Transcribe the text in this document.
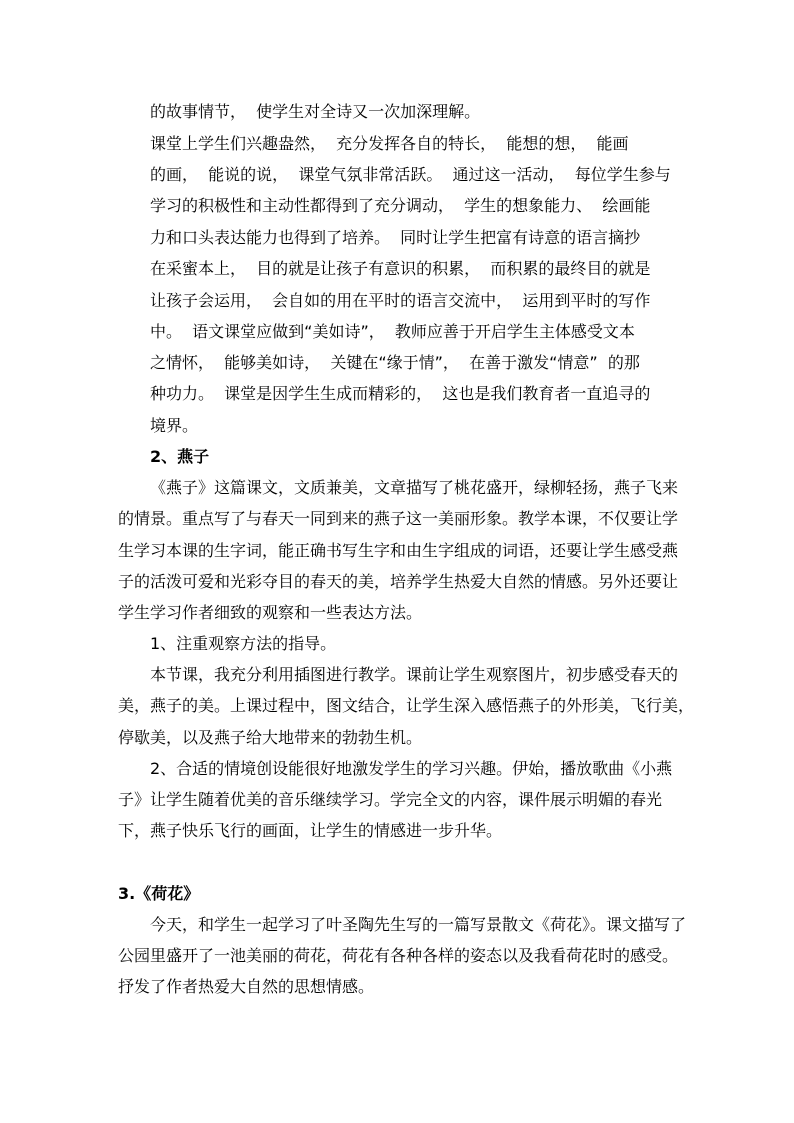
的故事情节，  使学生对全诗又一次加深理解。

课堂上学生们兴趣盎然，  充分发挥各自的特长，  能想的想，  能画

的画，  能说的说，  课堂气氛非常活跃。  通过这一活动，  每位学生参与

学习的积极性和主动性都得到了充分调动，  学生的想象能力、  绘画能

力和口头表达能力也得到了培养。  同时让学生把富有诗意的语言摘抄

在采蜜本上，  目的就是让孩子有意识的积累，  而积累的最终目的就是

让孩子会运用，  会自如的用在平时的语言交流中，  运用到平时的写作

中。  语文课堂应做到“美如诗”，  教师应善于开启学生主体感受文本

之情怀，  能够美如诗，  关键在“缘于情”，  在善于激发“情意”  的那

种功力。  课堂是因学生生成而精彩的，  这也是我们教育者一直追寻的

境界。

2、燕子

《燕子》这篇课文，文质兼美，文章描写了桃花盛开，绿柳轻扬，燕子飞来

的情景。重点写了与春天一同到来的燕子这一美丽形象。教学本课，不仅要让学

生学习本课的生字词，能正确书写生字和由生字组成的词语，还要让学生感受燕

子的活泼可爱和光彩夺目的春天的美，培养学生热爱大自然的情感。另外还要让

学生学习作者细致的观察和一些表达方法。

1、注重观察方法的指导。

本节课，我充分利用插图进行教学。课前让学生观察图片，初步感受春天的

美，燕子的美。上课过程中，图文结合，让学生深入感悟燕子的外形美，飞行美，

停歇美，以及燕子给大地带来的勃勃生机。

2、合适的情境创设能很好地激发学生的学习兴趣。伊始，播放歌曲《小燕

子》让学生随着优美的音乐继续学习。学完全文的内容，课件展示明媚的春光

下，燕子快乐飞行的画面，让学生的情感进一步升华。

3.《荷花》

今天，和学生一起学习了叶圣陶先生写的一篇写景散文《荷花》。课文描写了

公园里盛开了一池美丽的荷花，荷花有各种各样的姿态以及我看荷花时的感受。

抒发了作者热爱大自然的思想情感。
